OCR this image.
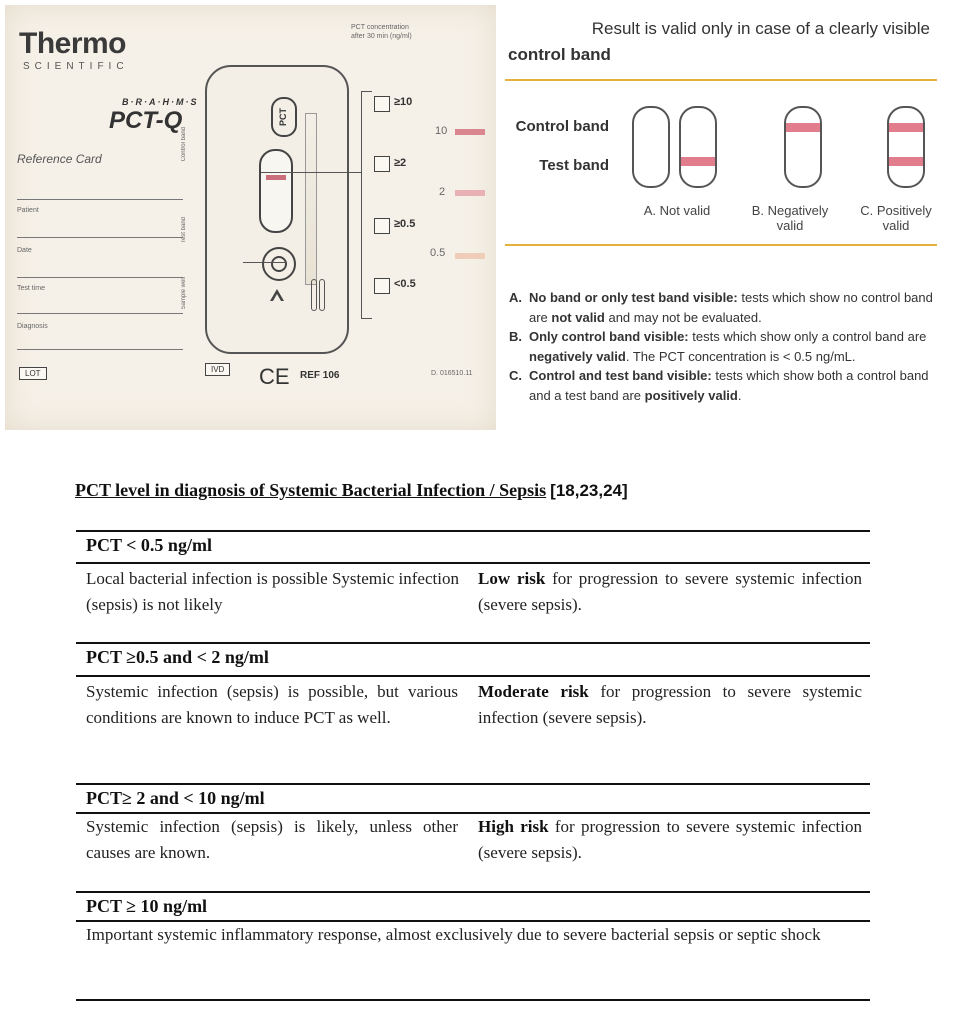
Thermo
SCIENTIFIC
B·R·A·H·M·S
PCT-Q
Reference Card
Patient
Date
Test time
Diagnosis
LOT	IVD CE REF 106	D. 016510.11
PCT concentration
after 30 min (ng/ml)
PCT
Control band
Test band
Sample well
≥10
≥2
≥0.5
<0.5
10
2
0.5
Result is valid only in case of a clearly visible
control band
Control band
Test band
A. Not valid	B. Negatively
valid
C. Positively
valid
A. No band or only test band visible: tests which show no control band are not valid and may not be evaluated.
B. Only control band visible: tests which show only a control band are negatively valid. The PCT concentration is < 0.5 ng/mL.
C. Control and test band visible: tests which show both a control band and a test band are positively valid.
PCT level in diagnosis of Systemic Bacterial Infection / Sepsis [18,23,24]
PCT < 0.5 ng/ml
Local bacterial infection is possible Systemic infection (sepsis) is not likely
Low risk for progression to severe systemic infection (severe sepsis).
PCT ≥0.5 and < 2 ng/ml
Systemic infection (sepsis) is possible, but various conditions are known to induce PCT as well.
Moderate risk for progression to severe systemic infection (severe sepsis).
PCT≥ 2 and < 10 ng/ml
Systemic infection (sepsis) is likely, unless other causes are known.
High risk for progression to severe systemic infection (severe sepsis).
PCT ≥ 10 ng/ml
Important systemic inflammatory response, almost exclusively due to severe bacterial sepsis or septic shock
